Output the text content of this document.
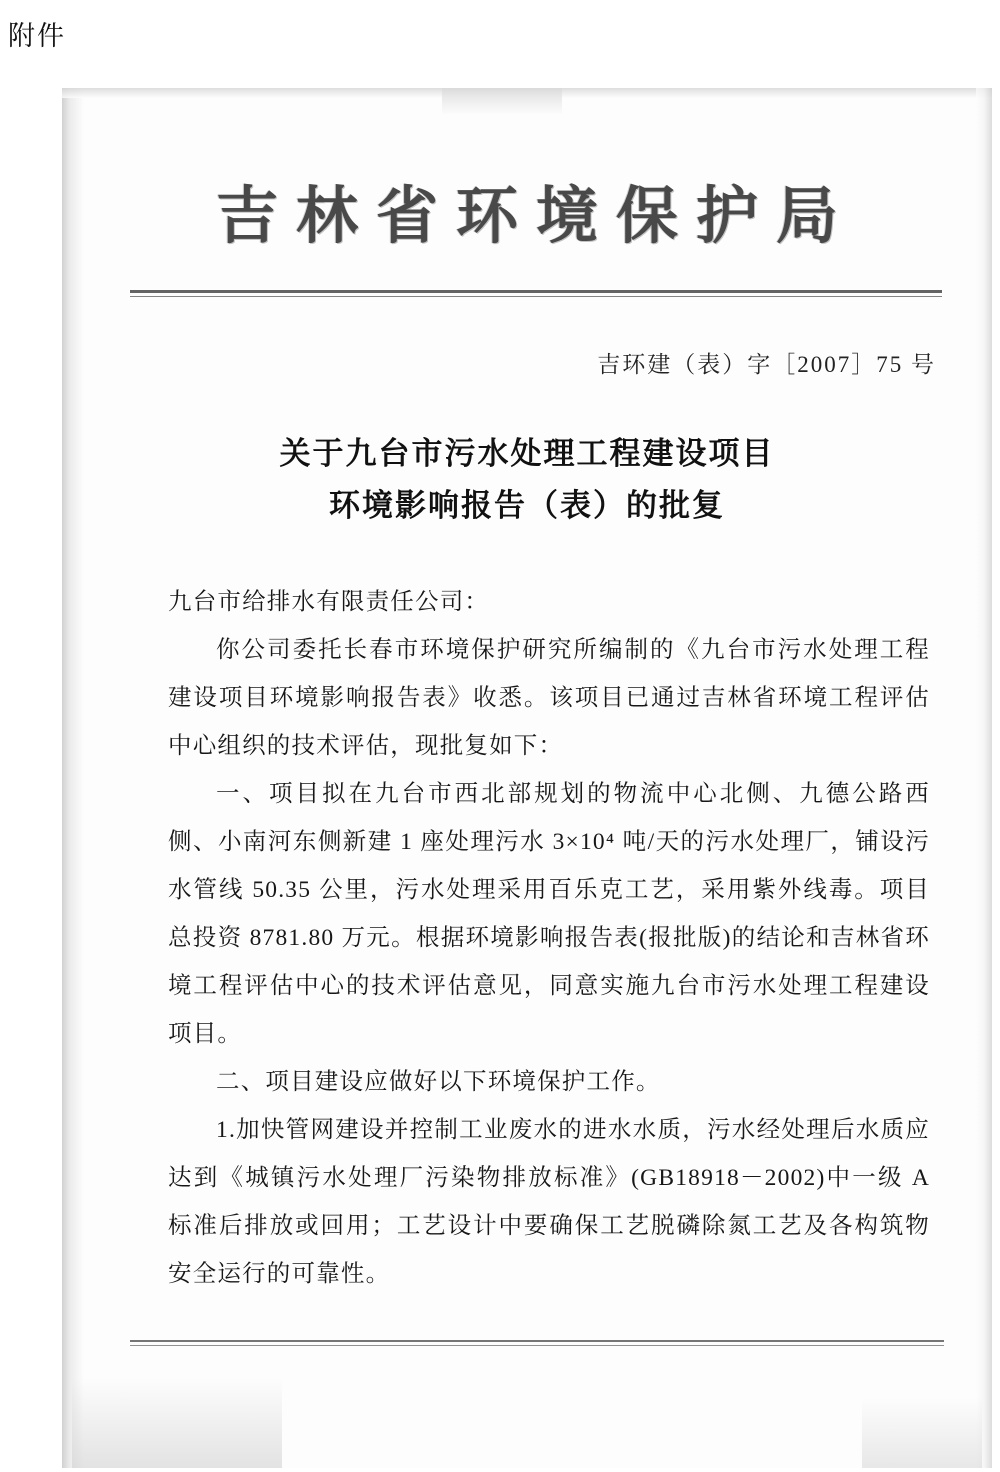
附件
吉林省环境保护局
吉环建（表）字［2007］75 号
关于九台市污水处理工程建设项目
环境影响报告（表）的批复

九台市给排水有限责任公司：

你公司委托长春市环境保护研究所编制的《九台市污水处理工程建设项目环境影响报告表》收悉。该项目已通过吉林省环境工程评估中心组织的技术评估，现批复如下：

一、项目拟在九台市西北部规划的物流中心北侧、九德公路西侧、小南河东侧新建 1 座处理污水 3×10⁴ 吨/天的污水处理厂，铺设污水管线 50.35 公里，污水处理采用百乐克工艺，采用紫外线毒。项目总投资 8781.80 万元。根据环境影响报告表(报批版)的结论和吉林省环境工程评估中心的技术评估意见，同意实施九台市污水处理工程建设项目。

二、项目建设应做好以下环境保护工作。

1.加快管网建设并控制工业废水的进水水质，污水经处理后水质应达到《城镇污水处理厂污染物排放标准》(GB18918－2002)中一级 A 标准后排放或回用；工艺设计中要确保工艺脱磷除氮工艺及各构筑物安全运行的可靠性。
